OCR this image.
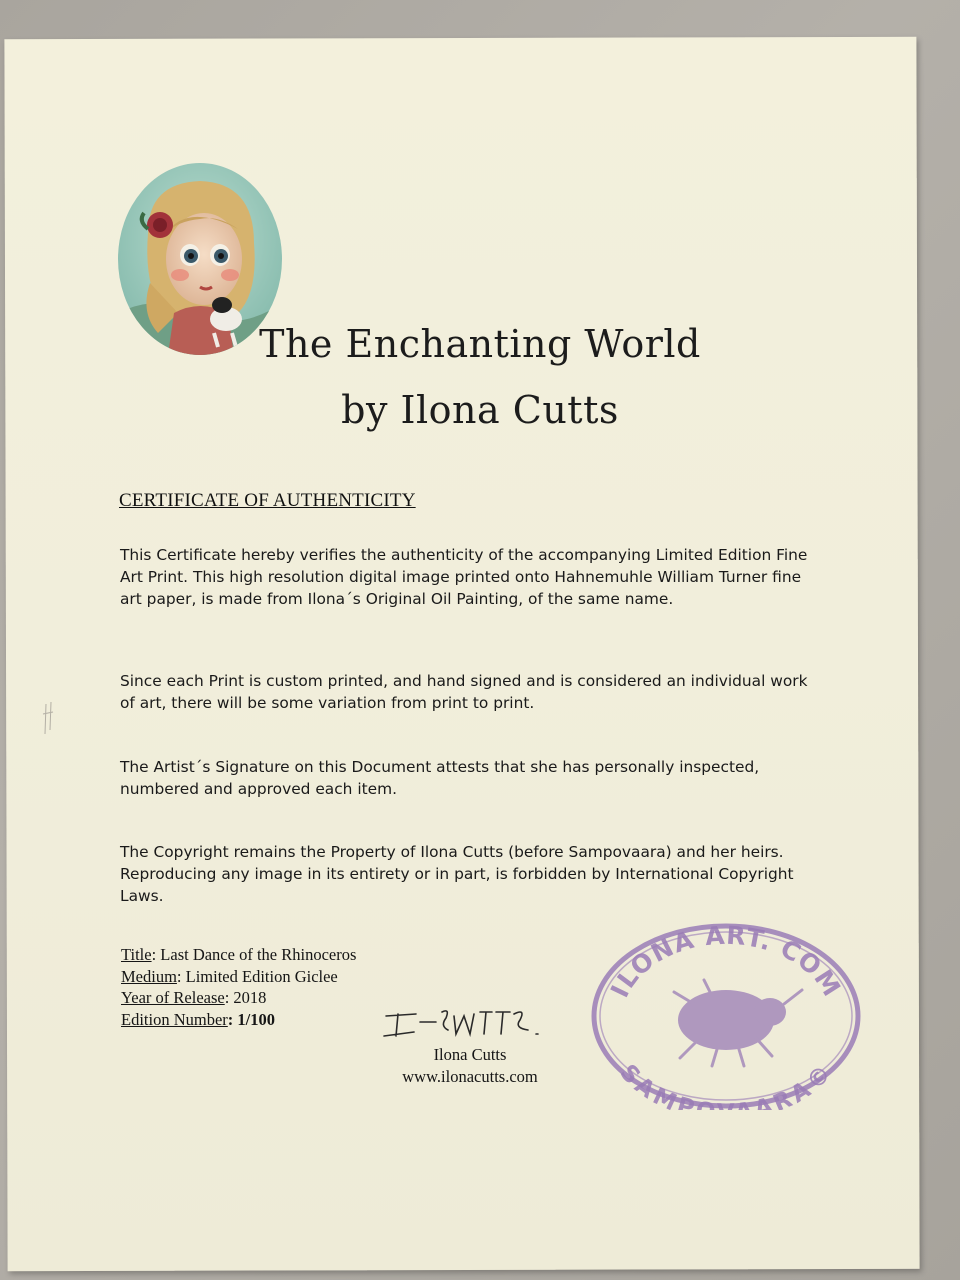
The Enchanting World
by Ilona Cutts
CERTIFICATE OF AUTHENTICITY
This Certificate hereby verifies the authenticity of the accompanying Limited Edition Fine Art Print. This high resolution digital image printed onto Hahnemuhle William Turner fine art paper, is made from Ilona´s Original Oil Painting, of the same name.
Since each Print is custom printed, and hand signed and is considered an individual work of art, there will be some variation from print to print.
The Artist´s Signature on this Document attests that she has personally inspected, numbered and approved each item.
The Copyright remains the Property of Ilona Cutts (before Sampovaara) and her heirs. Reproducing any image in its entirety or in part, is forbidden by International Copyright Laws.
Title: Last Dance of the Rhinoceros
Medium: Limited Edition Giclee
Year of Release: 2018
Edition Number: 1/100
Ilona Cutts
www.ilonacutts.com
ILONA ART. COM
SAMP ARA©
